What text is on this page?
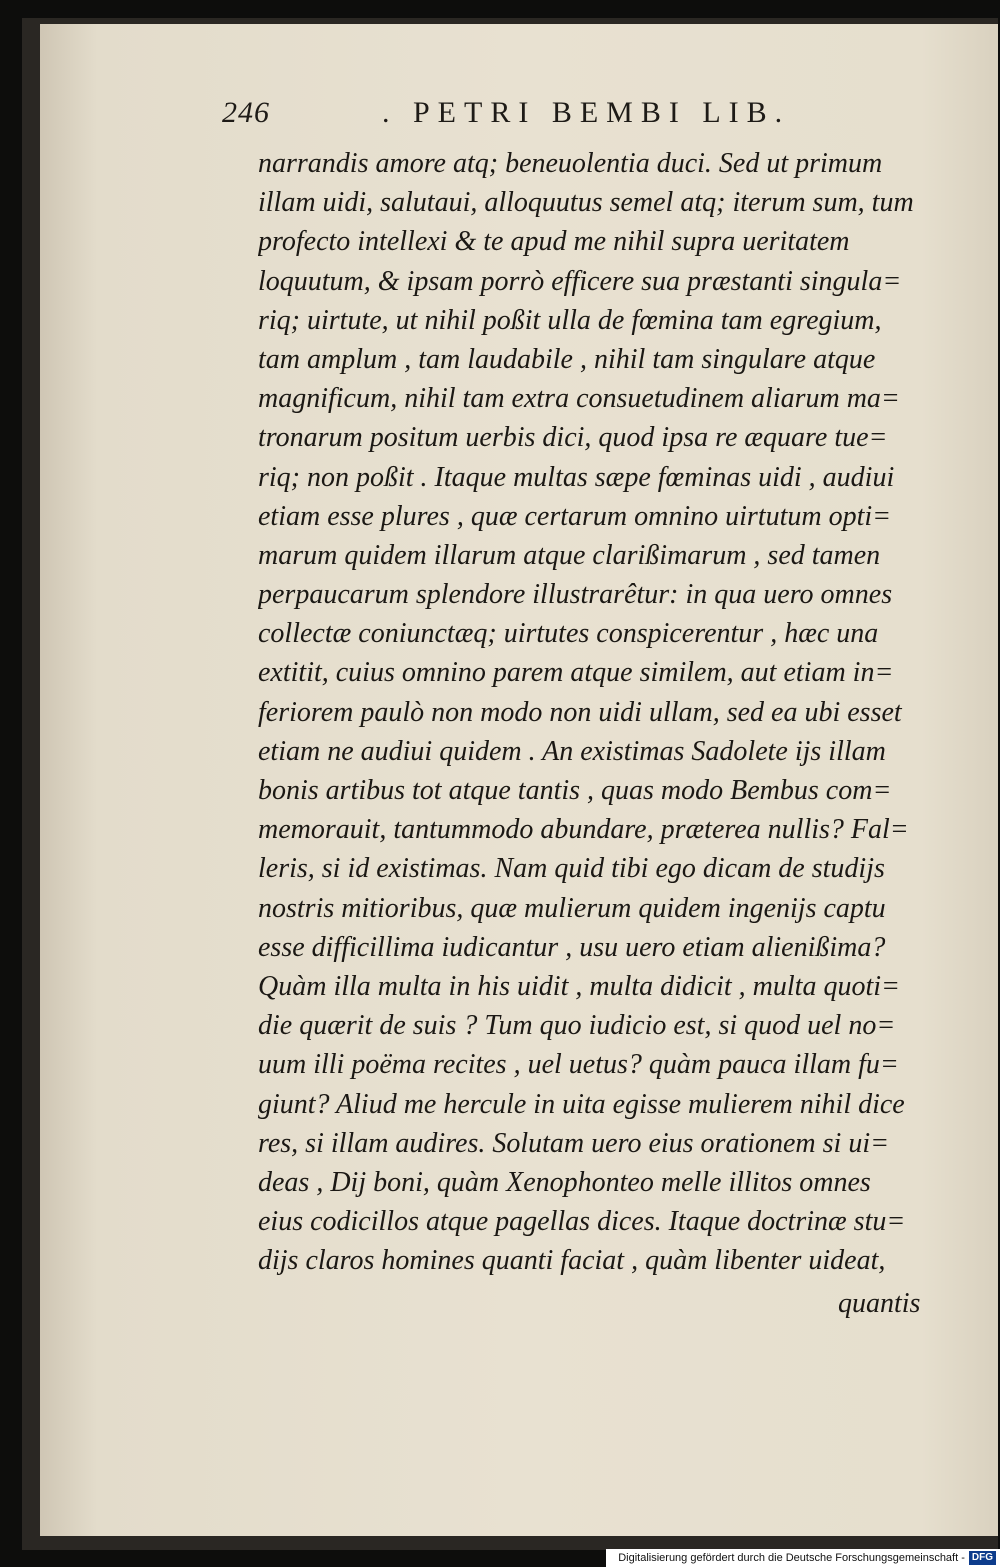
246	. PETRI BEMBI LIB.
narrandis amore atq; beneuolentia duci. Sed ut primum
illam uidi, salutaui, alloquutus semel atq; iterum sum, tum
profecto intellexi & te apud me nihil supra ueritatem
loquutum, & ipsam porrò efficere sua præstanti singula=
riq; uirtute, ut nihil poßit ulla de fœmina tam egregium,
tam amplum , tam laudabile , nihil tam singulare atque
magnificum, nihil tam extra consuetudinem aliarum ma=
tronarum positum uerbis dici, quod ipsa re æquare tue=
riq; non poßit . Itaque multas sæpe fœminas uidi , audiui
etiam esse plures , quæ certarum omnino uirtutum opti=
marum quidem illarum atque clarißimarum , sed tamen
perpaucarum splendore illustrarêtur: in qua uero omnes
collectæ coniunctæq; uirtutes conspicerentur , hæc una
extitit, cuius omnino parem atque similem, aut etiam in=
feriorem paulò non modo non uidi ullam, sed ea ubi esset
etiam ne audiui quidem . An existimas Sadolete ijs illam
bonis artibus tot atque tantis , quas modo Bembus com=
memorauit, tantummodo abundare, præterea nullis? Fal=
leris, si id existimas. Nam quid tibi ego dicam de studijs
nostris mitioribus, quæ mulierum quidem ingenijs captu
esse difficillima iudicantur , usu uero etiam alienißima?
Quàm illa multa in his uidit , multa didicit , multa quoti=
die quærit de suis ? Tum quo iudicio est, si quod uel no=
uum illi poëma recites , uel uetus? quàm pauca illam fu=
giunt? Aliud me hercule in uita egisse mulierem nihil dice
res, si illam audires. Solutam uero eius orationem si ui=
deas , Dij boni, quàm Xenophonteo melle illitos omnes
eius codicillos atque pagellas dices. Itaque doctrinæ stu=
dijs claros homines quanti faciat , quàm libenter uideat,
quantis
Digitalisierung gefördert durch die Deutsche Forschungsgemeinschaft - DFG
